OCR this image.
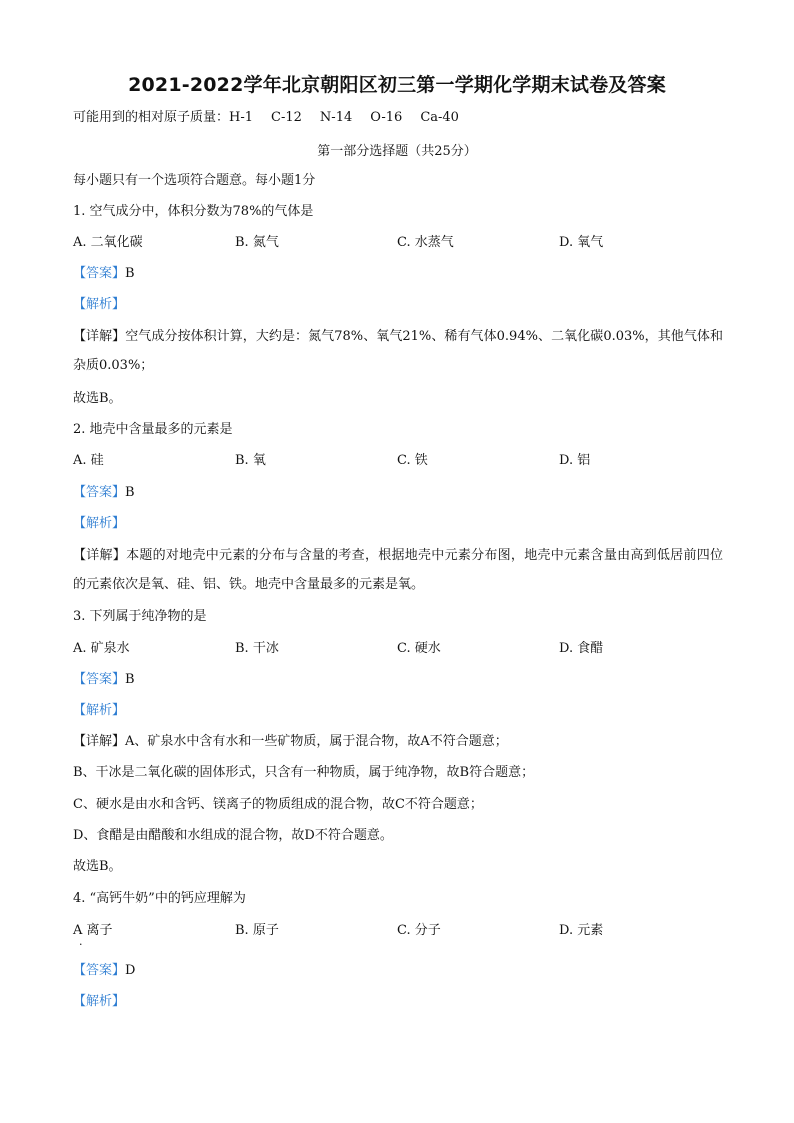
2021-2022学年北京朝阳区初三第一学期化学期末试卷及答案
可能用到的相对原子质量：H-1 C-12 N-14 O-16 Ca-40
第一部分选择题（共25分）
每小题只有一个选项符合题意。每小题1分
1. 空气成分中，体积分数为78%的气体是
A. 二氧化碳	B. 氮气	C. 水蒸气	D. 氧气
【答案】B
【解析】
【详解】空气成分按体积计算，大约是：氮气78%、氧气21%、稀有气体0.94%、二氧化碳0.03%，其他气体和杂质0.03%；
故选B。
2. 地壳中含量最多的元素是
A. 硅	B. 氧	C. 铁	D. 铝
【答案】B
【解析】
【详解】本题的对地壳中元素的分布与含量的考查，根据地壳中元素分布图，地壳中元素含量由高到低居前四位的元素依次是氧、硅、铝、铁。地壳中含量最多的元素是氧。
3. 下列属于纯净物的是
A. 矿泉水	B. 干冰	C. 硬水	D. 食醋
【答案】B
【解析】
【详解】A、矿泉水中含有水和一些矿物质，属于混合物，故A不符合题意；
B、干冰是二氧化碳的固体形式，只含有一种物质，属于纯净物，故B符合题意；
C、硬水是由水和含钙、镁离子的物质组成的混合物，故C不符合题意；
D、食醋是由醋酸和水组成的混合物，故D不符合题意。
故选B。
4. “高钙牛奶”中的钙应理解为
A 离子	B. 原子	C. 分子	D. 元素
.
【答案】D
【解析】
